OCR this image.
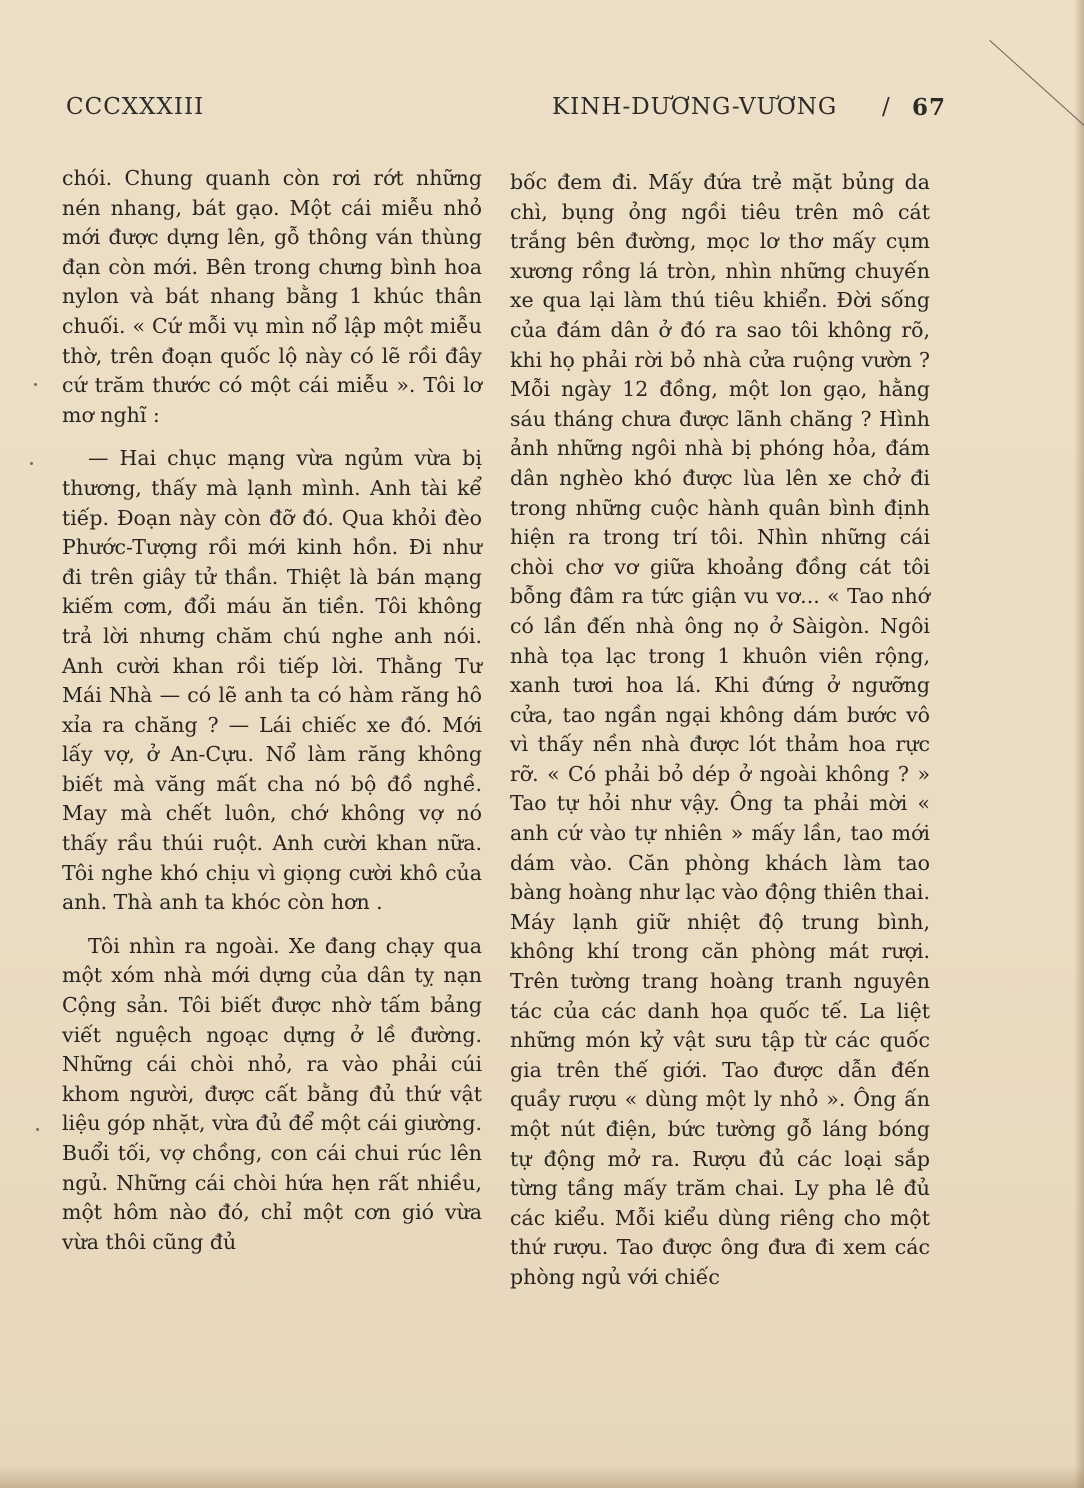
CCCXXXIII	KINH-DƯƠNG-VƯƠNG / 67

chói. Chung quanh còn rơi rớt những nén nhang, bát gạo. Một cái miễu nhỏ mới được dựng lên, gỗ thông ván thùng đạn còn mới. Bên trong chưng bình hoa nylon và bát nhang bằng 1 khúc thân chuối. « Cứ mỗi vụ mìn nổ lập một miễu thờ, trên đoạn quốc lộ này có lẽ rồi đây cứ trăm thước có một cái miễu ». Tôi lơ mơ nghĩ :

— Hai chục mạng vừa ngủm vừa bị thương, thấy mà lạnh mình. Anh tài kể tiếp. Đoạn này còn đỡ đó. Qua khỏi đèo Phước-Tượng rồi mới kinh hồn. Đi như đi trên giây tử thần. Thiệt là bán mạng kiếm cơm, đổi máu ăn tiền. Tôi không trả lời nhưng chăm chú nghe anh nói. Anh cười khan rồi tiếp lời. Thằng Tư Mái Nhà — có lẽ anh ta có hàm răng hô xỉa ra chăng ? — Lái chiếc xe đó. Mới lấy vợ, ở An-Cựu. Nổ làm răng không biết mà văng mất cha nó bộ đồ nghề. May mà chết luôn, chớ không vợ nó thấy rầu thúi ruột. Anh cười khan nữa. Tôi nghe khó chịu vì giọng cười khô của anh. Thà anh ta khóc còn hơn .

Tôi nhìn ra ngoài. Xe đang chạy qua một xóm nhà mới dựng của dân tỵ nạn Cộng sản. Tôi biết được nhờ tấm bảng viết nguệch ngoạc dựng ở lề đường. Những cái chòi nhỏ, ra vào phải cúi khom người, được cất bằng đủ thứ vật liệu góp nhặt, vừa đủ để một cái giường. Buổi tối, vợ chồng, con cái chui rúc lên ngủ. Những cái chòi hứa hẹn rất nhiều, một hôm nào đó, chỉ một cơn gió vừa vừa thôi cũng đủ

bốc đem đi. Mấy đứa trẻ mặt bủng da chì, bụng ỏng ngồi tiêu trên mô cát trắng bên đường, mọc lơ thơ mấy cụm xương rồng lá tròn, nhìn những chuyến xe qua lại làm thú tiêu khiển. Đời sống của đám dân ở đó ra sao tôi không rõ, khi họ phải rời bỏ nhà cửa ruộng vườn ? Mỗi ngày 12 đồng, một lon gạo, hằng sáu tháng chưa được lãnh chăng ? Hình ảnh những ngôi nhà bị phóng hỏa, đám dân nghèo khó được lùa lên xe chở đi trong những cuộc hành quân bình định hiện ra trong trí tôi. Nhìn những cái chòi chơ vơ giữa khoảng đồng cát tôi bỗng đâm ra tức giận vu vơ... « Tao nhớ có lần đến nhà ông nọ ở Sàigòn. Ngôi nhà tọa lạc trong 1 khuôn viên rộng, xanh tươi hoa lá. Khi đứng ở ngưỡng cửa, tao ngần ngại không dám bước vô vì thấy nền nhà được lót thảm hoa rực rỡ. « Có phải bỏ dép ở ngoài không ? » Tao tự hỏi như vậy. Ông ta phải mời « anh cứ vào tự nhiên » mấy lần, tao mới dám vào. Căn phòng khách làm tao bàng hoàng như lạc vào động thiên thai. Máy lạnh giữ nhiệt độ trung bình, không khí trong căn phòng mát rượi. Trên tường trang hoàng tranh nguyên tác của các danh họa quốc tế. La liệt những món kỷ vật sưu tập từ các quốc gia trên thế giới. Tao được dẫn đến quầy rượu « dùng một ly nhỏ ». Ông ấn một nút điện, bức tường gỗ láng bóng tự động mở ra. Rượu đủ các loại sắp từng tầng mấy trăm chai. Ly pha lê đủ các kiểu. Mỗi kiểu dùng riêng cho một thứ rượu. Tao được ông đưa đi xem các phòng ngủ với chiếc
